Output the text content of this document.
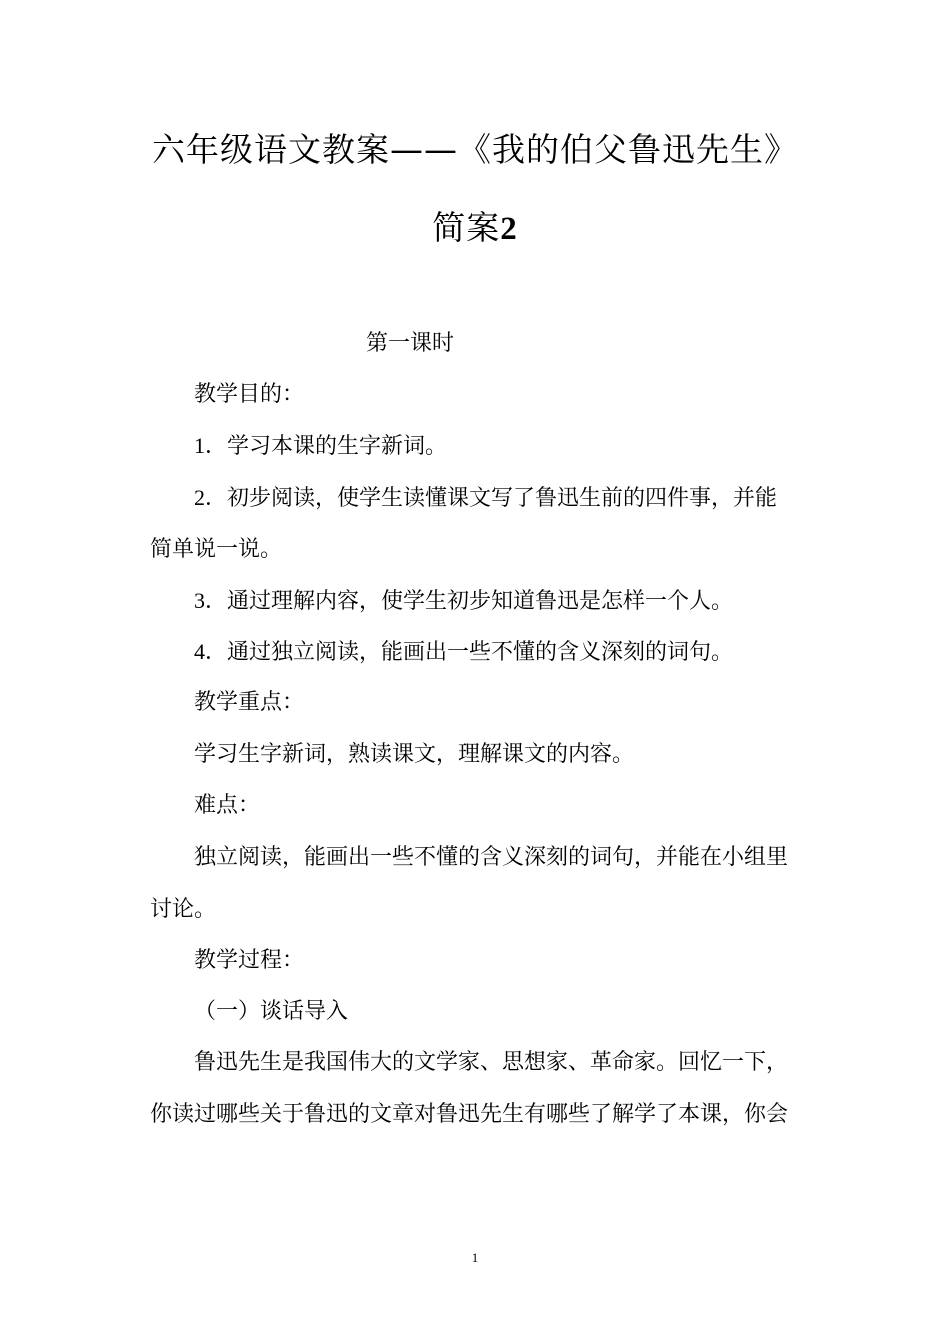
六年级语文教案——《我的伯父鲁迅先生》
简案2
第一课时
教学目的：
1．学习本课的生字新词。
2．初步阅读，使学生读懂课文写了鲁迅生前的四件事，并能
简单说一说。
3．通过理解内容，使学生初步知道鲁迅是怎样一个人。
4．通过独立阅读，能画出一些不懂的含义深刻的词句。
教学重点：
学习生字新词，熟读课文，理解课文的内容。
难点：
独立阅读，能画出一些不懂的含义深刻的词句，并能在小组里
讨论。
教学过程：
（一）谈话导入
鲁迅先生是我国伟大的文学家、思想家、革命家。回忆一下，
你读过哪些关于鲁迅的文章对鲁迅先生有哪些了解学了本课，你会
1
